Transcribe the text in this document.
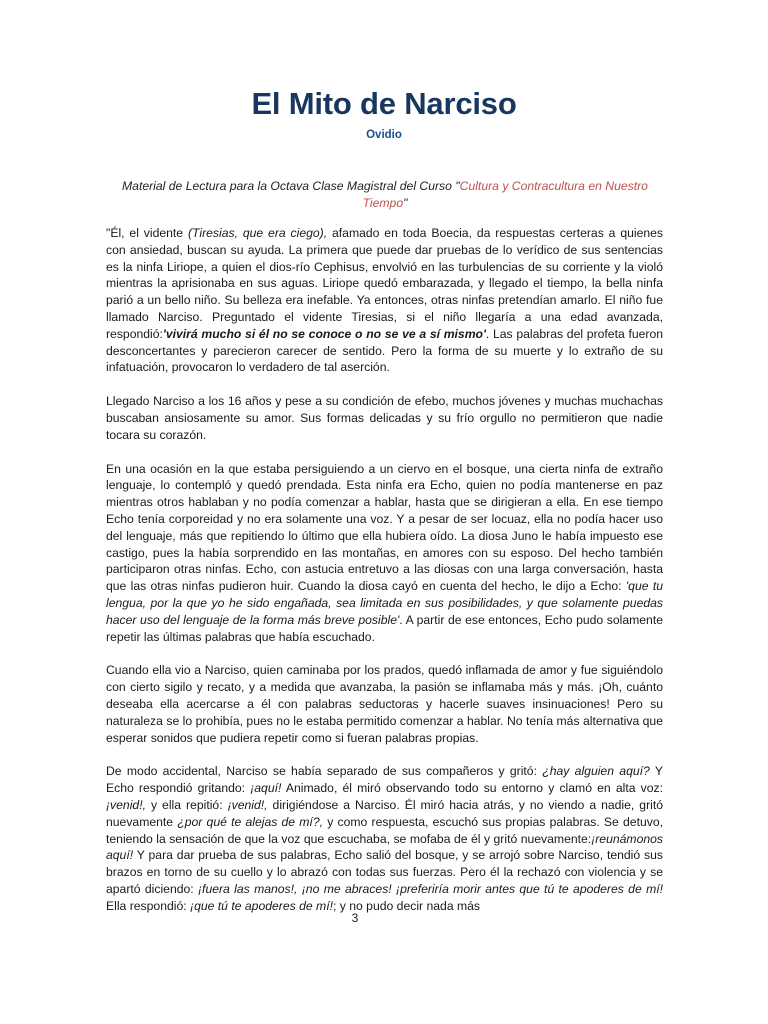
El Mito de Narciso
Ovidio

Material de Lectura para la Octava Clase Magistral del Curso "Cultura y Contracultura en Nuestro Tiempo"

"Él, el vidente (Tiresias, que era ciego), afamado en toda Boecia, da respuestas certeras a quienes con ansiedad, buscan su ayuda. La primera que puede dar pruebas de lo verídico de sus sentencias es la ninfa Liriope, a quien el dios-río Cephisus, envolvió en las turbulencias de su corriente y la violó mientras la aprisionaba en sus aguas. Liriope quedó embarazada, y llegado el tiempo, la bella ninfa parió a un bello niño. Su belleza era inefable. Ya entonces, otras ninfas pretendían amarlo. El niño fue llamado Narciso. Preguntado el vidente Tiresias, si el niño llegaría a una edad avanzada, respondió:'vivirá mucho si él no se conoce o no se ve a sí mismo'. Las palabras del profeta fueron desconcertantes y parecieron carecer de sentido. Pero la forma de su muerte y lo extraño de su infatuación, provocaron lo verdadero de tal aserción.

Llegado Narciso a los 16 años y pese a su condición de efebo, muchos jóvenes y muchas muchachas buscaban ansiosamente su amor. Sus formas delicadas y su frío orgullo no permitieron que nadie tocara su corazón.

En una ocasión en la que estaba persiguiendo a un ciervo en el bosque, una cierta ninfa de extraño lenguaje, lo contempló y quedó prendada. Esta ninfa era Echo, quien no podía mantenerse en paz mientras otros hablaban y no podía comenzar a hablar, hasta que se dirigieran a ella. En ese tiempo Echo tenía corporeidad y no era solamente una voz. Y a pesar de ser locuaz, ella no podía hacer uso del lenguaje, más que repitiendo lo último que ella hubiera oído. La diosa Juno le había impuesto ese castigo, pues la había sorprendido en las montañas, en amores con su esposo. Del hecho también participaron otras ninfas. Echo, con astucia entretuvo a las diosas con una larga conversación, hasta que las otras ninfas pudieron huir. Cuando la diosa cayó en cuenta del hecho, le dijo a Echo: 'que tu lengua, por la que yo he sido engañada, sea limitada en sus posibilidades, y que solamente puedas hacer uso del lenguaje de la forma más breve posible'. A partir de ese entonces, Echo pudo solamente repetir las últimas palabras que había escuchado.

Cuando ella vio a Narciso, quien caminaba por los prados, quedó inflamada de amor y fue siguiéndolo con cierto sigilo y recato, y a medida que avanzaba, la pasión se inflamaba más y más. ¡Oh, cuánto deseaba ella acercarse a él con palabras seductoras y hacerle suaves insinuaciones! Pero su naturaleza se lo prohibía, pues no le estaba permitido comenzar a hablar. No tenía más alternativa que esperar sonidos que pudiera repetir como si fueran palabras propias.

De modo accidental, Narciso se había separado de sus compañeros y gritó: ¿hay alguien aquí? Y Echo respondió gritando: ¡aquí! Animado, él miró observando todo su entorno y clamó en alta voz:¡venid!, y ella repitió: ¡venid!, dirigiéndose a Narciso. Él miró hacia atrás, y no viendo a nadie, gritó nuevamente ¿por qué te alejas de mí?, y como respuesta, escuchó sus propias palabras. Se detuvo, teniendo la sensación de que la voz que escuchaba, se mofaba de él y gritó nuevamente:¡reunámonos aquí! Y para dar prueba de sus palabras, Echo salió del bosque, y se arrojó sobre Narciso, tendió sus brazos en torno de su cuello y lo abrazó con todas sus fuerzas. Pero él la rechazó con violencia y se apartó diciendo: ¡fuera las manos!, ¡no me abraces! ¡preferiría morir antes que tú te apoderes de mí! Ella respondió: ¡que tú te apoderes de mí!; y no pudo decir nada más

3
